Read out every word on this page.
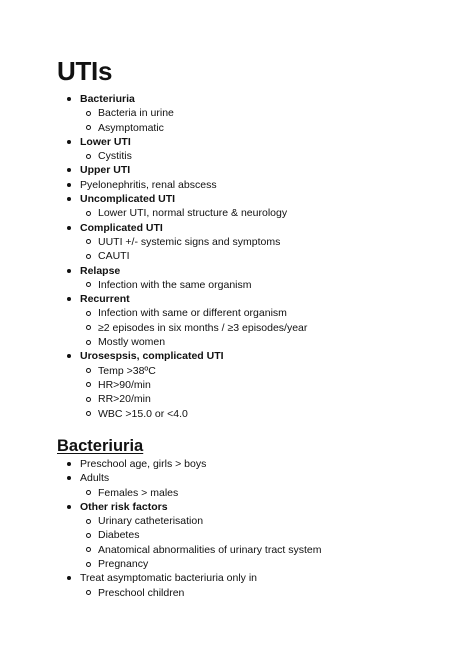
UTIs
Bacteriuria
Bacteria in urine
Asymptomatic
Lower UTI
Cystitis
Upper UTI
Pyelonephritis, renal abscess
Uncomplicated UTI
Lower UTI, normal structure & neurology
Complicated UTI
UUTI +/- systemic signs and symptoms
CAUTI
Relapse
Infection with the same organism
Recurrent
Infection with same or different organism
≥2 episodes in six months / ≥3 episodes/year
Mostly women
Urosespsis, complicated UTI
Temp >38ºC
HR>90/min
RR>20/min
WBC >15.0 or <4.0
Bacteriuria
Preschool age, girls > boys
Adults
Females > males
Other risk factors
Urinary catheterisation
Diabetes
Anatomical abnormalities of urinary tract system
Pregnancy
Treat asymptomatic bacteriuria only in
Preschool children
